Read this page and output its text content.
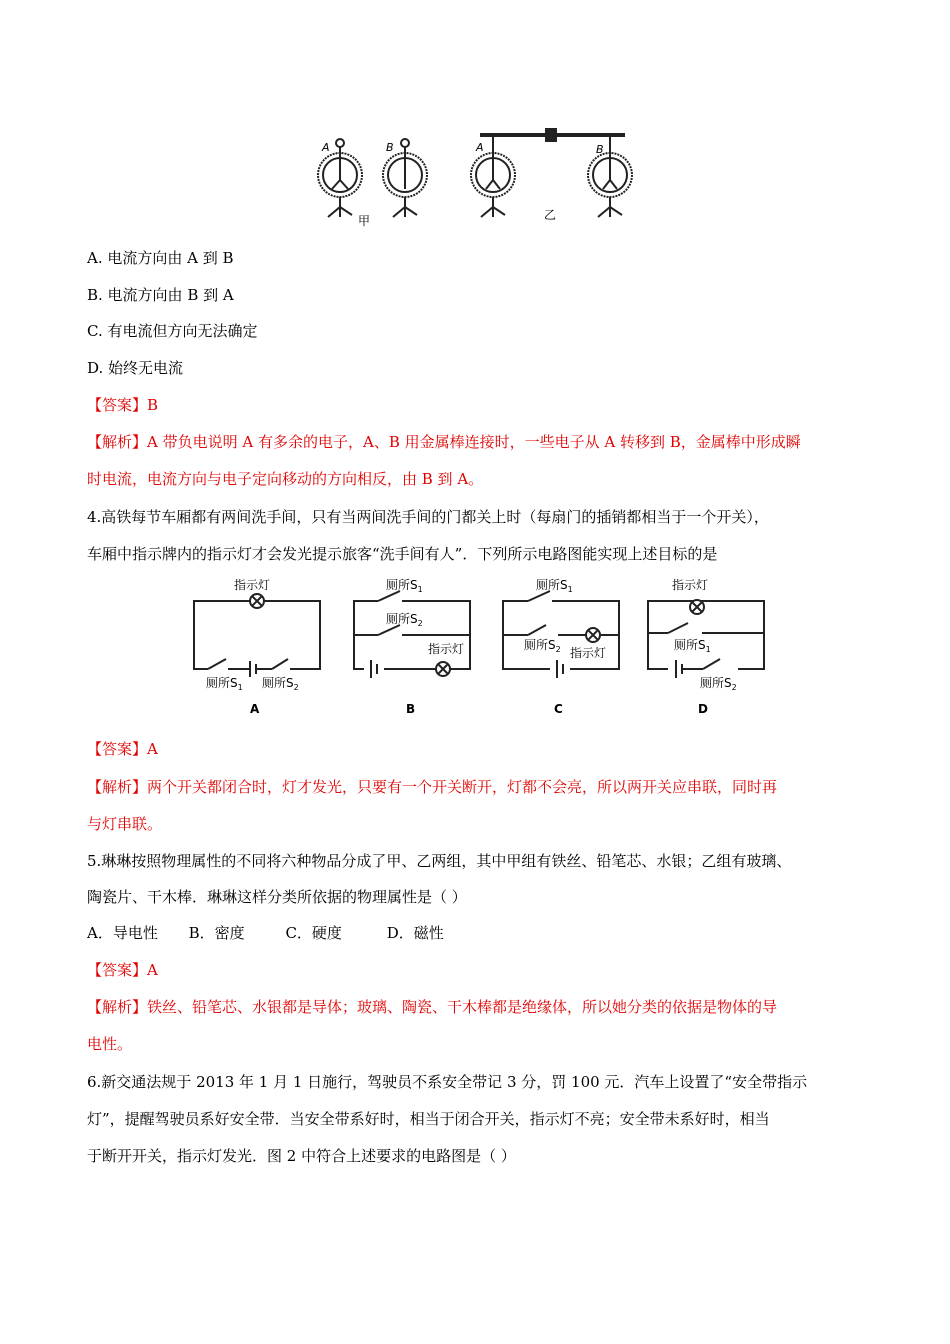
A	B	A	B
甲	乙
A. 电流方向由 A 到 B
B. 电流方向由 B 到 A
C. 有电流但方向无法确定
D. 始终无电流
【答案】B
【解析】A 带负电说明 A 有多余的电子，A、B 用金属棒连接时，一些电子从 A 转移到 B，金属棒中形成瞬
时电流，电流方向与电子定向移动的方向相反，由 B 到 A。
4.高铁每节车厢都有两间洗手间，只有当两间洗手间的门都关上时（每扇门的插销都相当于一个开关），
车厢中指示牌内的指示灯才会发光提示旅客“洗手间有人”．下列所示电路图能实现上述目标的是
指示灯
厕所$S_1$ 厕所$S_2$
A
厕所$S_1$
厕所$S_2$
指示灯
B
厕所$S_1$
厕所$S_2$ 指示灯
C
指示灯
厕所$S_1$
厕所$S_2$
D
【答案】A
【解析】两个开关都闭合时，灯才发光，只要有一个开关断开，灯都不会亮，所以两开关应串联，同时再
与灯串联。
5.琳琳按照物理属性的不同将六种物品分成了甲、乙两组，其中甲组有铁丝、铅笔芯、水银；乙组有玻璃、
陶瓷片、干木棒．琳琳这样分类所依据的物理属性是（ ）
A．导电性 B．密度	C．硬度	D．磁性
【答案】A
【解析】铁丝、铅笔芯、水银都是导体；玻璃、陶瓷、干木棒都是绝缘体，所以她分类的依据是物体的导
电性。
6.新交通法规于 2013 年 1 月 1 日施行，驾驶员不系安全带记 3 分，罚 100 元．汽车上设置了“安全带指示
灯”，提醒驾驶员系好安全带．当安全带系好时，相当于闭合开关，指示灯不亮；安全带未系好时，相当
于断开开关，指示灯发光．图 2 中符合上述要求的电路图是（ ）
